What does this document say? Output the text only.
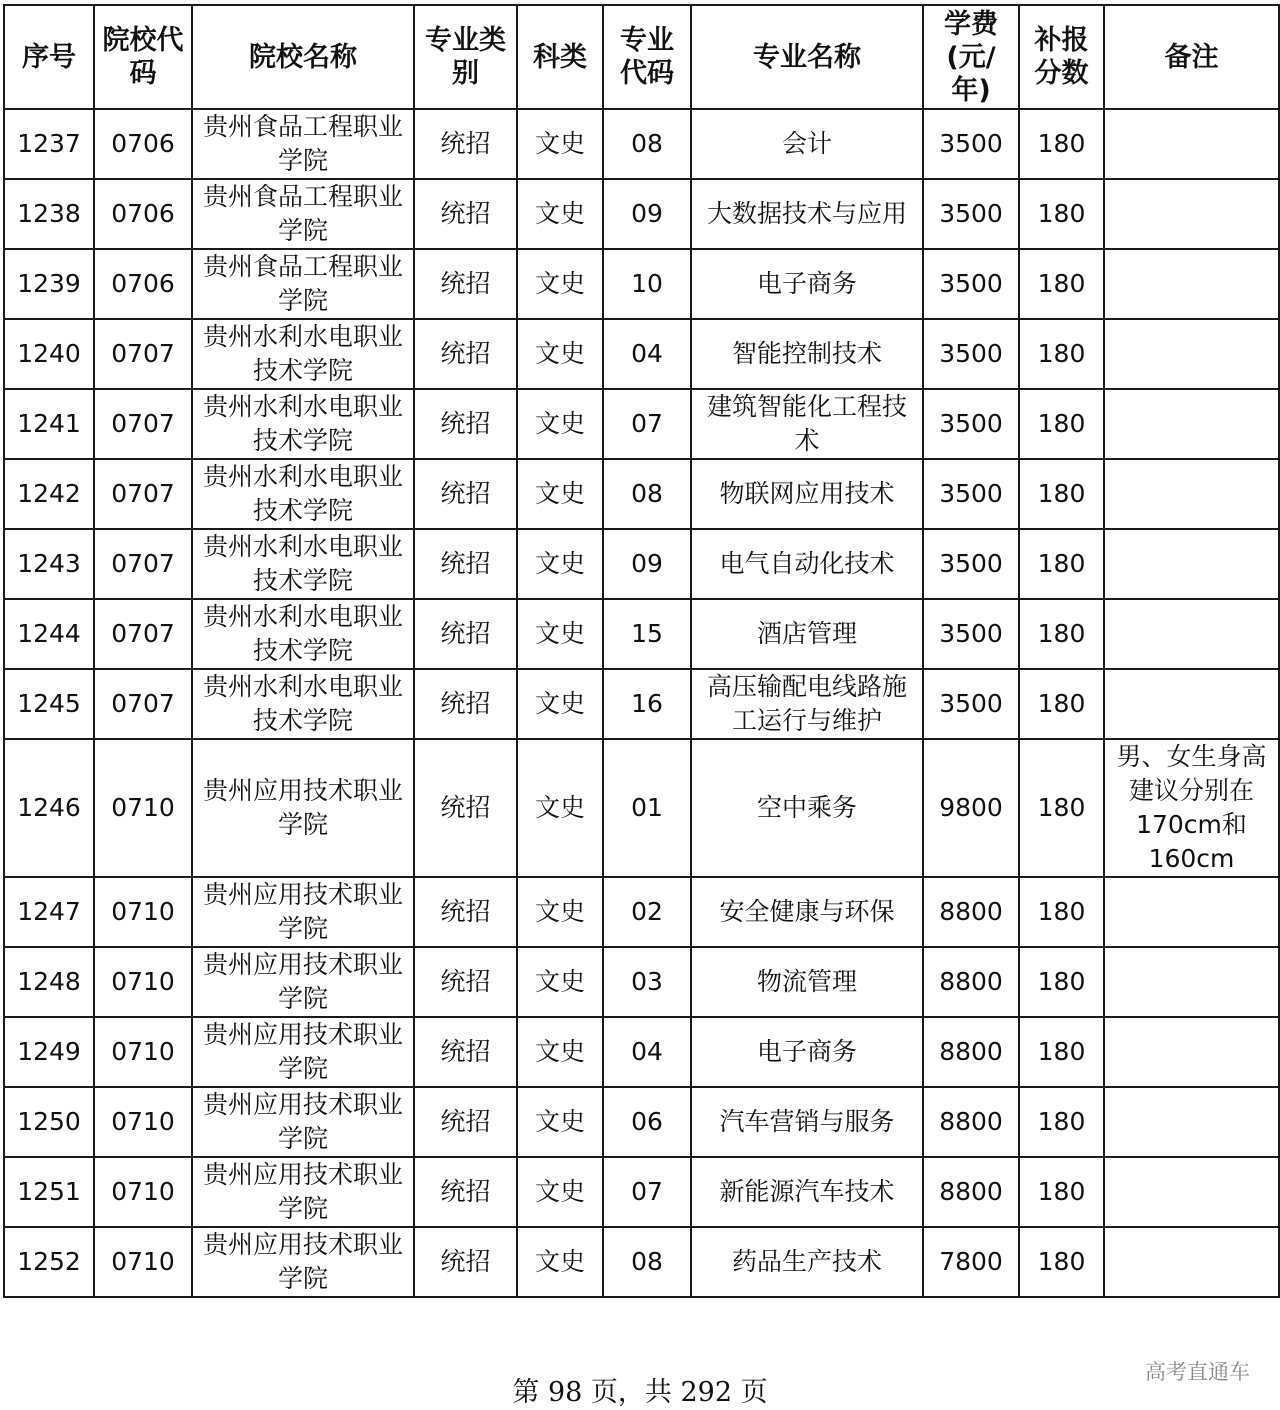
序号	院校代码	院校名称	专业类别	科类	专业代码	专业名称	学费(元/年)	补报分数	备注
1237	0706	贵州食品工程职业学院	统招	文史	08	会计	3500	180	
1238	0706	贵州食品工程职业学院	统招	文史	09	大数据技术与应用	3500	180	
1239	0706	贵州食品工程职业学院	统招	文史	10	电子商务	3500	180	
1240	0707	贵州水利水电职业技术学院	统招	文史	04	智能控制技术	3500	180	
1241	0707	贵州水利水电职业技术学院	统招	文史	07	建筑智能化工程技术	3500	180	
1242	0707	贵州水利水电职业技术学院	统招	文史	08	物联网应用技术	3500	180	
1243	0707	贵州水利水电职业技术学院	统招	文史	09	电气自动化技术	3500	180	
1244	0707	贵州水利水电职业技术学院	统招	文史	15	酒店管理	3500	180	
1245	0707	贵州水利水电职业技术学院	统招	文史	16	高压输配电线路施工运行与维护	3500	180	
1246	0710	贵州应用技术职业学院	统招	文史	01	空中乘务	9800	180	男、女生身高建议分别在170cm和160cm
1247	0710	贵州应用技术职业学院	统招	文史	02	安全健康与环保	8800	180	
1248	0710	贵州应用技术职业学院	统招	文史	03	物流管理	8800	180	
1249	0710	贵州应用技术职业学院	统招	文史	04	电子商务	8800	180	
1250	0710	贵州应用技术职业学院	统招	文史	06	汽车营销与服务	8800	180	
1251	0710	贵州应用技术职业学院	统招	文史	07	新能源汽车技术	8800	180	
1252	0710	贵州应用技术职业学院	统招	文史	08	药品生产技术	7800	180	
第 98 页，共 292 页
高考直通车
